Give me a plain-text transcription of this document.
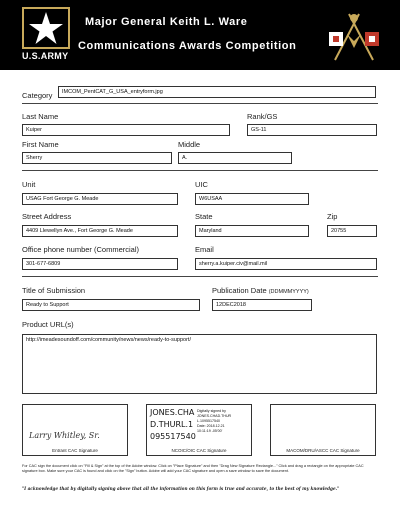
U.S.ARMY
Major General Keith L. Ware
Communications Awards Competition
Category	IMCOM_PentCAT_G_USA_entryform.jpg
Last Name	Rank/GS
Kuiper	GS-11
First Name	Middle
Sherry	A.
Unit	UIC
USAG Fort George G. Meade	W6USAA
Street Address	State	Zip
4409 Llewellyn Ave., Fort George G. Meade	Maryland	20755
Office phone number (Commercial)	Email
301-677-6809	sherry.a.kuiper.civ@mail.mil
Title of Submission	Publication Date (DDMMMYYYY)
Ready to Support	12DEC2018
Product URL(s)
http://imeadesoundoff.com/community/news/news/ready-to-support/
Larry Whitley, Sr.
Entrant CAC Signature
JONES.CHA
D.THURL.1
095517540
Digitally signed by
JONES.CHAD.THUR
L.1095517540
Date: 2018.12.21
10:11:19 -05'00'
NCOIC/OIC CAC Signature	MACOM/DRU/ASCC CAC Signature
For CAC sign the document click on "Fill & Sign" at the top of the Adobe window. Click on "Place Signature" and then "Drag New Signature Rectangle..." Click and drag a rectangle on the appropriate CAC signature box. Make sure your CAC is found and click on the "Sign" button. Adobe will add your CAC signature and open a save window to save the document.
"I acknowledge that by digitally signing above that all the information on this form is true and accurate, to the best of my knowledge."
